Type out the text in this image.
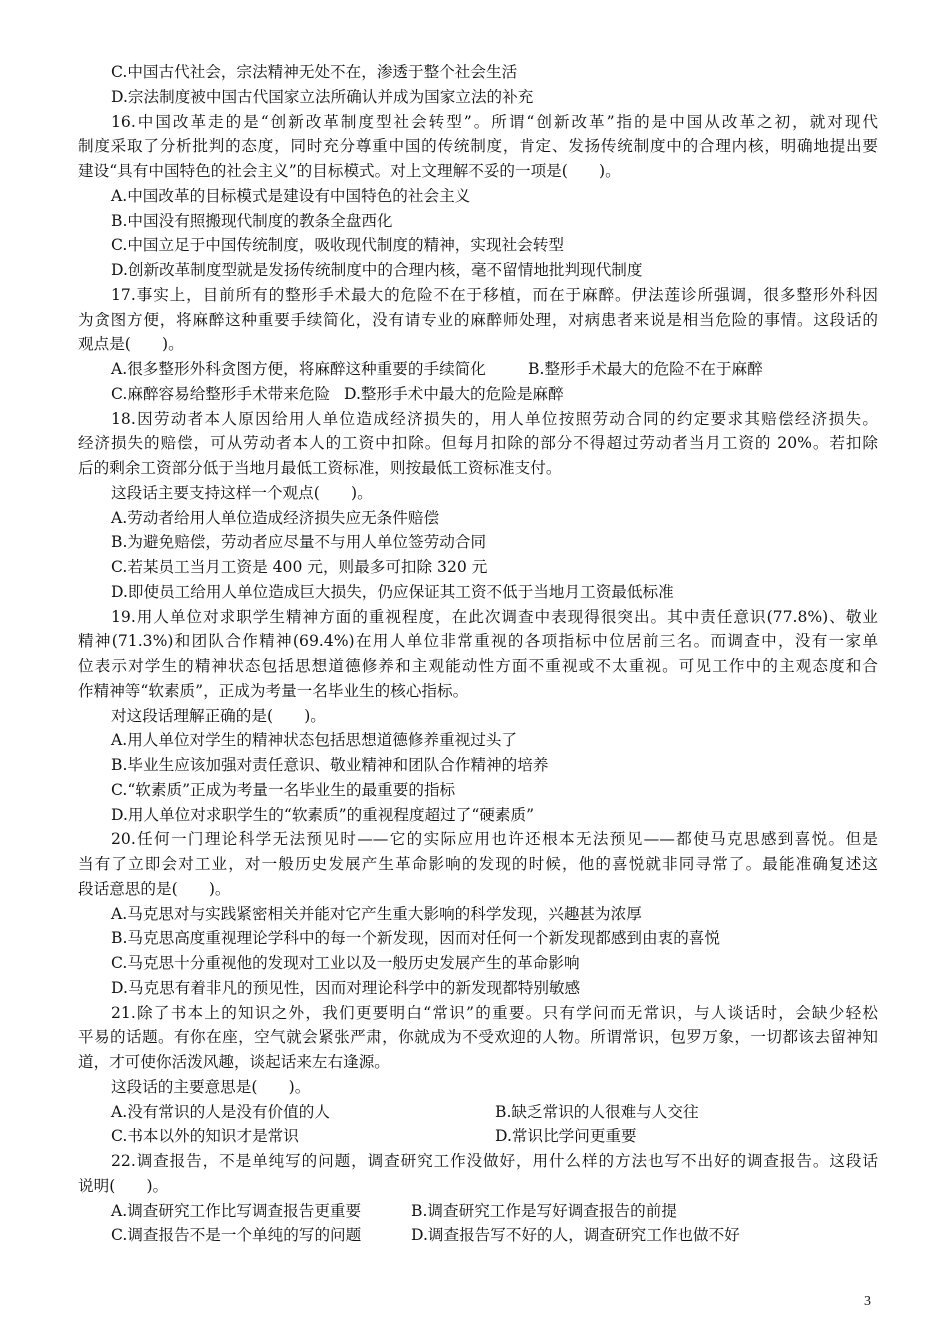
C.中国古代社会，宗法精神无处不在，渗透于整个社会生活
D.宗法制度被中国古代国家立法所确认并成为国家立法的补充
16.中国改革走的是“创新改革制度型社会转型”。所谓“创新改革”指的是中国从改革之初，就对现代
制度采取了分析批判的态度，同时充分尊重中国的传统制度，肯定、发扬传统制度中的合理内核，明确地提出要
建设“具有中国特色的社会主义”的目标模式。对上文理解不妥的一项是(　　)。
A.中国改革的目标模式是建设有中国特色的社会主义
B.中国没有照搬现代制度的教条全盘西化
C.中国立足于中国传统制度，吸收现代制度的精神，实现社会转型
D.创新改革制度型就是发扬传统制度中的合理内核，毫不留情地批判现代制度
17.事实上，目前所有的整形手术最大的危险不在于移植，而在于麻醉。伊法莲诊所强调，很多整形外科因
为贪图方便，将麻醉这种重要手续简化，没有请专业的麻醉师处理，对病患者来说是相当危险的事情。这段话的
观点是(　　)。
A.很多整形外科贪图方便，将麻醉这种重要的手续简化	B.整形手术最大的危险不在于麻醉
C.麻醉容易给整形手术带来危险 D.整形手术中最大的危险是麻醉
18.因劳动者本人原因给用人单位造成经济损失的，用人单位按照劳动合同的约定要求其赔偿经济损失。
经济损失的赔偿，可从劳动者本人的工资中扣除。但每月扣除的部分不得超过劳动者当月工资的 20%。若扣除
后的剩余工资部分低于当地月最低工资标准，则按最低工资标准支付。
这段话主要支持这样一个观点(　　)。
A.劳动者给用人单位造成经济损失应无条件赔偿
B.为避免赔偿，劳动者应尽量不与用人单位签劳动合同
C.若某员工当月工资是 400 元，则最多可扣除 320 元
D.即使员工给用人单位造成巨大损失，仍应保证其工资不低于当地月工资最低标准
19.用人单位对求职学生精神方面的重视程度，在此次调查中表现得很突出。其中责任意识(77.8%)、敬业
精神(71.3%)和团队合作精神(69.4%)在用人单位非常重视的各项指标中位居前三名。而调查中，没有一家单
位表示对学生的精神状态包括思想道德修养和主观能动性方面不重视或不太重视。可见工作中的主观态度和合
作精神等“软素质”，正成为考量一名毕业生的核心指标。
对这段话理解正确的是(　　)。
A.用人单位对学生的精神状态包括思想道德修养重视过头了
B.毕业生应该加强对责任意识、敬业精神和团队合作精神的培养
C.“软素质”正成为考量一名毕业生的最重要的指标
D.用人单位对求职学生的“软素质”的重视程度超过了“硬素质”
20.任何一门理论科学无法预见时——它的实际应用也许还根本无法预见——都使马克思感到喜悦。但是
当有了立即会对工业，对一般历史发展产生革命影响的发现的时候，他的喜悦就非同寻常了。最能准确复述这
段话意思的是(　　)。
A.马克思对与实践紧密相关并能对它产生重大影响的科学发现，兴趣甚为浓厚
B.马克思高度重视理论学科中的每一个新发现，因而对任何一个新发现都感到由衷的喜悦
C.马克思十分重视他的发现对工业以及一般历史发展产生的革命影响
D.马克思有着非凡的预见性，因而对理论科学中的新发现都特别敏感
21.除了书本上的知识之外，我们更要明白“常识”的重要。只有学问而无常识，与人谈话时，会缺少轻松
平易的话题。有你在座，空气就会紧张严肃，你就成为不受欢迎的人物。所谓常识，包罗万象，一切都该去留神知
道，才可使你活泼风趣，谈起话来左右逢源。
这段话的主要意思是(　　)。
A.没有常识的人是没有价值的人	B.缺乏常识的人很难与人交往
C.书本以外的知识才是常识	D.常识比学问更重要
22.调查报告，不是单纯写的问题，调查研究工作没做好，用什么样的方法也写不出好的调查报告。这段话
说明(　　)。
A.调查研究工作比写调查报告更重要	B.调查研究工作是写好调查报告的前提
C.调查报告不是一个单纯的写的问题	D.调查报告写不好的人，调查研究工作也做不好
3
